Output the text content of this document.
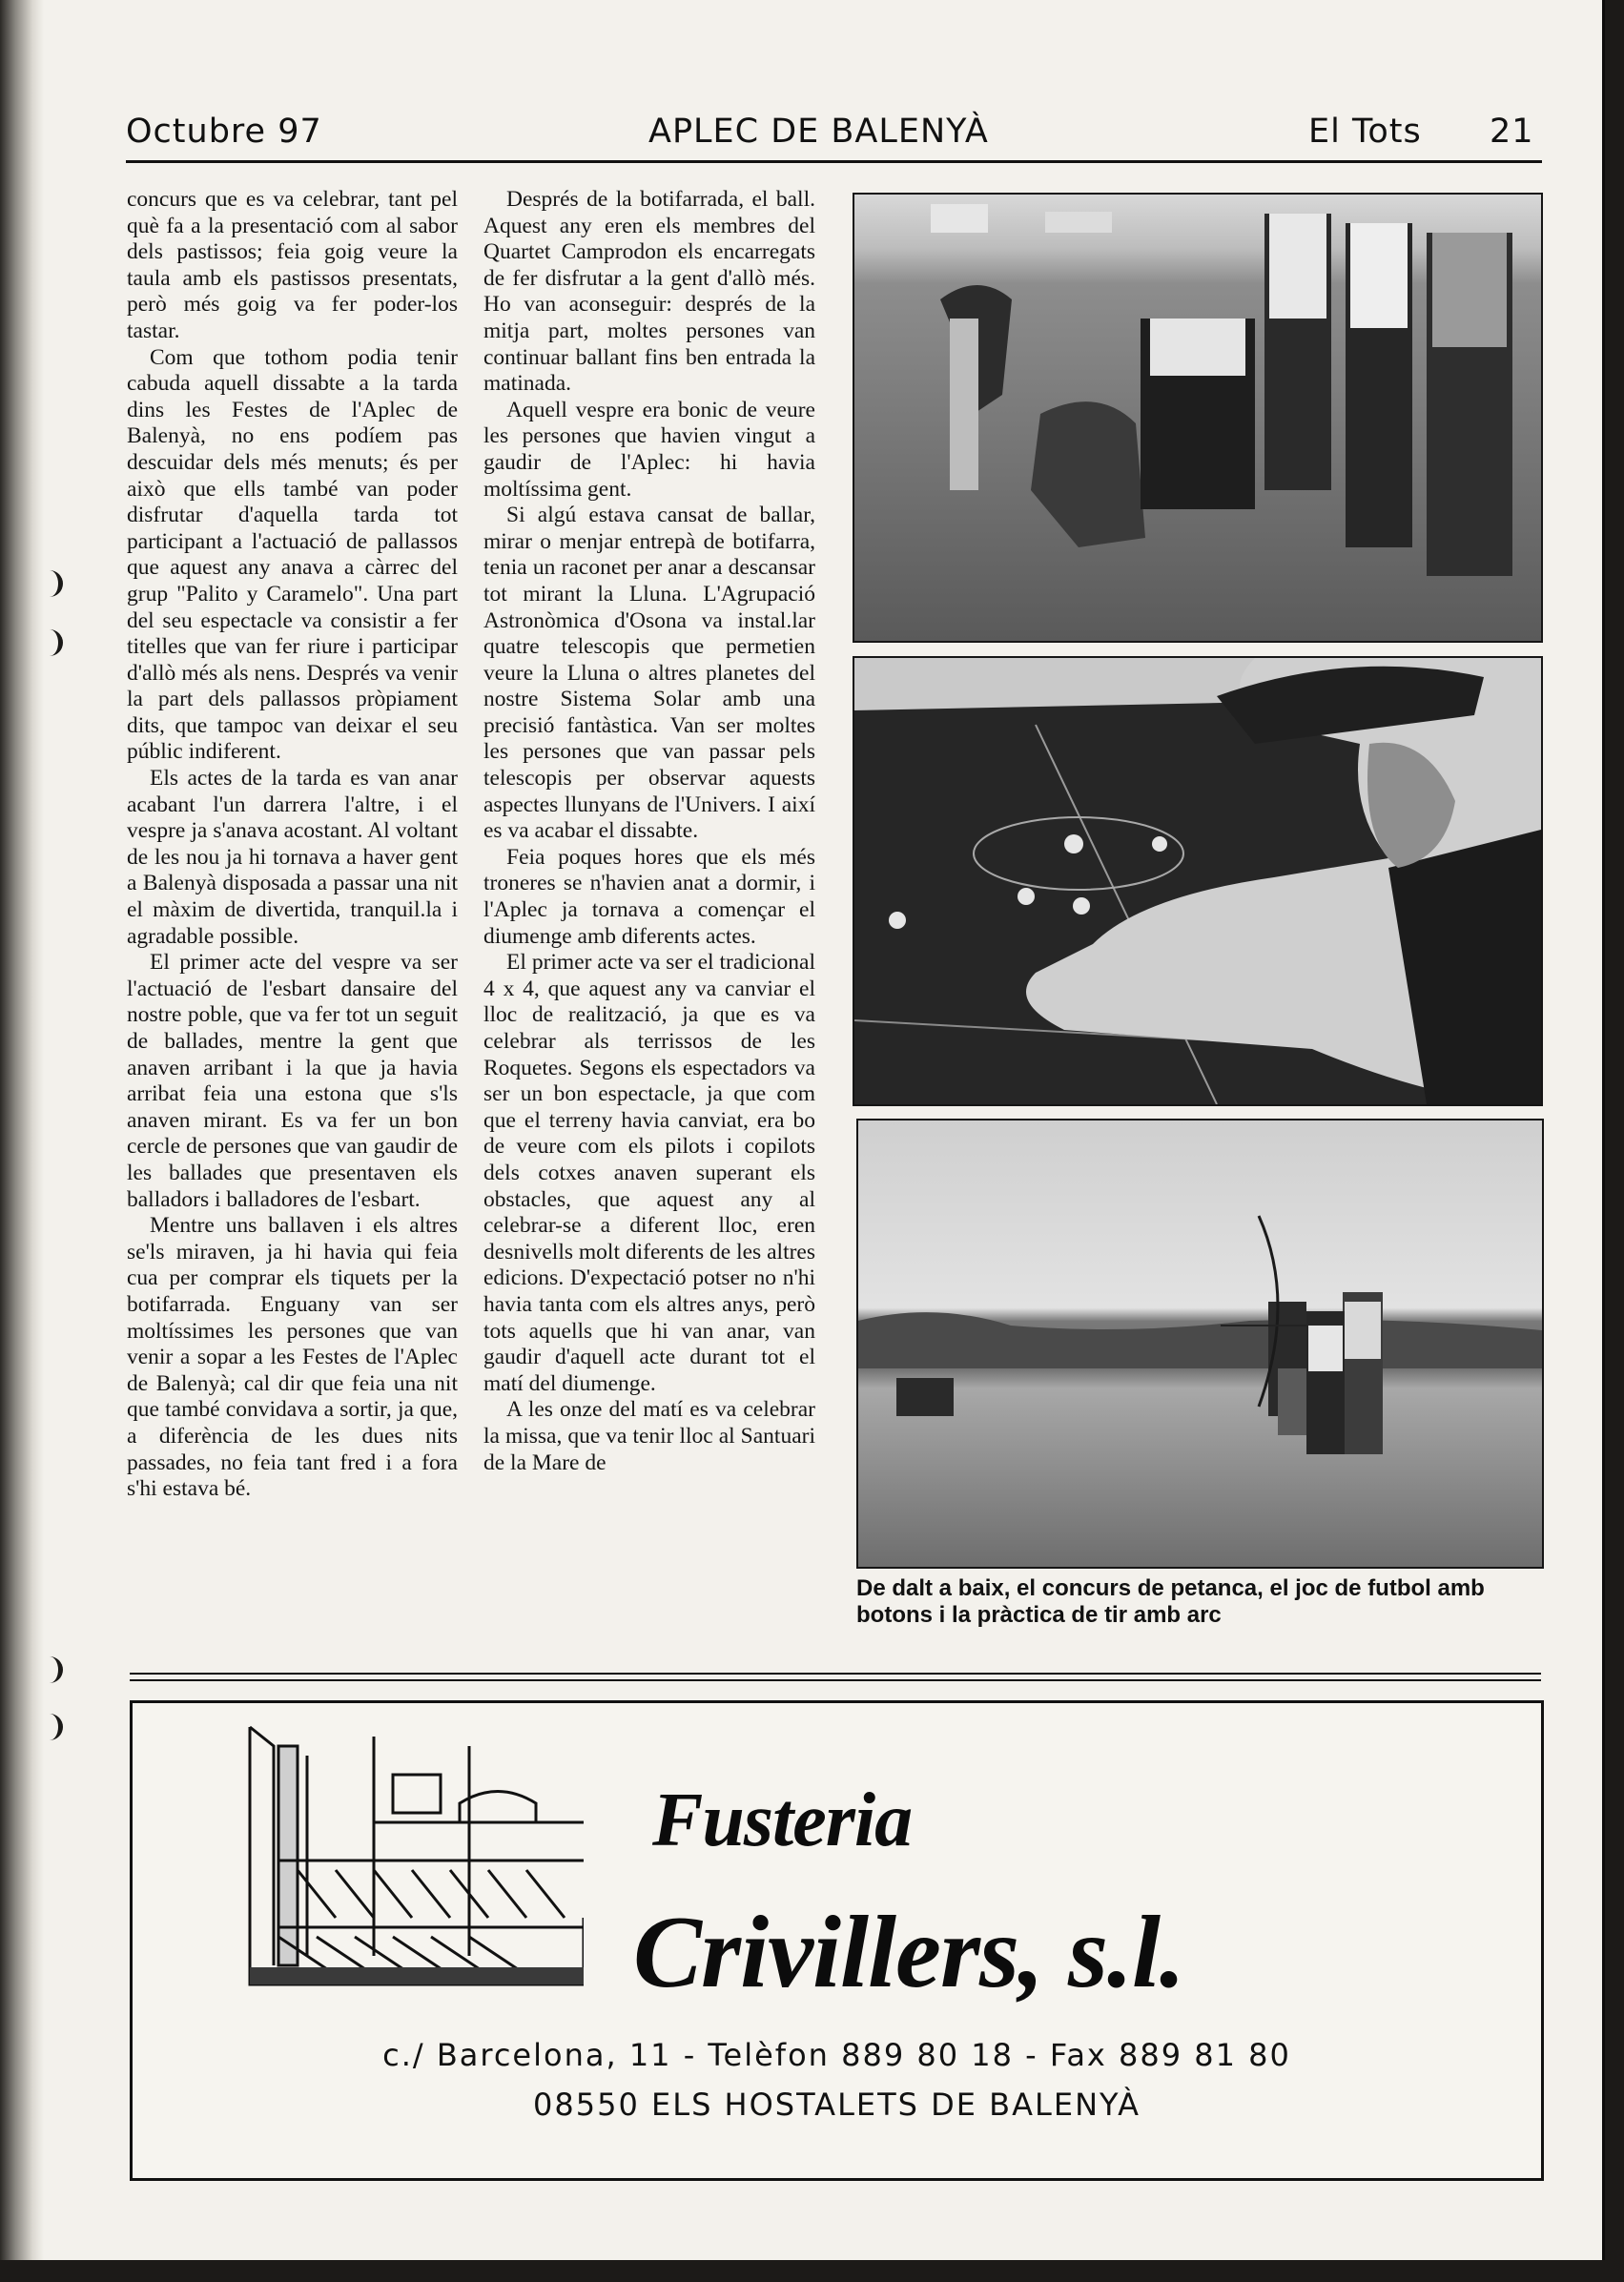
Octubre 97	APLEC DE BALENYÀ	El Tots 21

concurs que es va celebrar, tant pel què fa a la presentació com al sabor dels pastissos; feia goig veure la taula amb els pastissos presentats, però més goig va fer poder-los tastar.

Com que tothom podia tenir cabuda aquell dissabte a la tarda dins les Festes de l'Aplec de Balenyà, no ens podíem pas descuidar dels més menuts; és per això que ells també van poder disfrutar d'aquella tarda tot participant a l'actuació de pallassos que aquest any anava a càrrec del grup "Palito y Caramelo". Una part del seu espectacle va consistir a fer titelles que van fer riure i participar d'allò més als nens. Després va venir la part dels pallassos pròpiament dits, que tampoc van deixar el seu públic indiferent.

Els actes de la tarda es van anar acabant l'un darrera l'altre, i el vespre ja s'anava acostant. Al voltant de les nou ja hi tornava a haver gent a Balenyà disposada a passar una nit el màxim de divertida, tranquil.la i agradable possible.

El primer acte del vespre va ser l'actuació de l'esbart dansaire del nostre poble, que va fer tot un seguit de ballades, mentre la gent que anaven arribant i la que ja havia arribat feia una estona que s'ls anaven mirant. Es va fer un bon cercle de persones que van gaudir de les ballades que presentaven els balladors i balladores de l'esbart.

Mentre uns ballaven i els altres se'ls miraven, ja hi havia qui feia cua per comprar els tiquets per la botifarrada. Enguany van ser moltíssimes les persones que van venir a sopar a les Festes de l'Aplec de Balenyà; cal dir que feia una nit que també convidava a sortir, ja que, a diferència de les dues nits passades, no feia tant fred i a fora s'hi estava bé.

Després de la botifarrada, el ball. Aquest any eren els membres del Quartet Camprodon els encarregats de fer disfrutar a la gent d'allò més. Ho van aconseguir: després de la mitja part, moltes persones van continuar ballant fins ben entrada la matinada.

Aquell vespre era bonic de veure les persones que havien vingut a gaudir de l'Aplec: hi havia moltíssima gent.

Si algú estava cansat de ballar, mirar o menjar entrepà de botifarra, tenia un raconet per anar a descansar tot mirant la Lluna. L'Agrupació Astronòmica d'Osona va instal.lar quatre telescopis que permetien veure la Lluna o altres planetes del nostre Sistema Solar amb una precisió fantàstica. Van ser moltes les persones que van passar pels telescopis per observar aquests aspectes llunyans de l'Univers. I així es va acabar el dissabte.

Feia poques hores que els més troneres se n'havien anat a dormir, i l'Aplec ja tornava a començar el diumenge amb diferents actes.

El primer acte va ser el tradicional 4 x 4, que aquest any va canviar el lloc de realització, ja que es va celebrar als terrissos de les Roquetes. Segons els espectadors va ser un bon espectacle, ja que com que el terreny havia canviat, era bo de veure com els pilots i copilots dels cotxes anaven superant els obstacles, que aquest any al celebrar-se a diferent lloc, eren desnivells molt diferents de les altres edicions. D'expectació potser no n'hi havia tanta com els altres anys, però tots aquells que hi van anar, van gaudir d'aquell acte durant tot el matí del diumenge.

A les onze del matí es va celebrar la missa, que va tenir lloc al Santuari de la Mare de

De dalt a baix, el concurs de petanca, el joc de futbol amb botons i la pràctica de tir amb arc
Fusteria
Crivillers, s.l.
c./ Barcelona, 11 - Telèfon 889 80 18 - Fax 889 81 80
08550 ELS HOSTALETS DE BALENYÀ
